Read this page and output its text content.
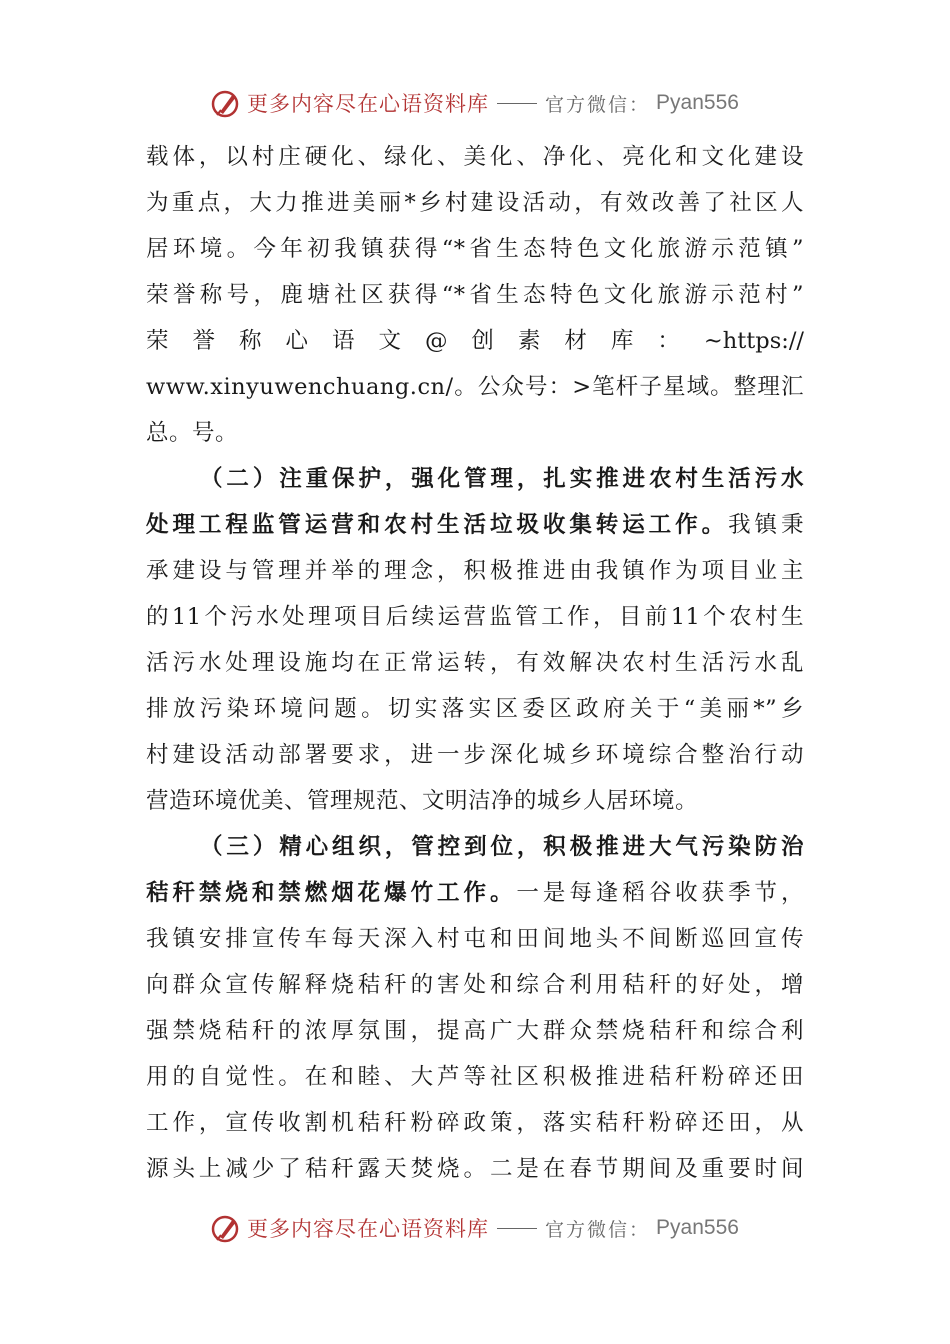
更多内容尽在心语资料库	官方微信： Pyan556
载体，以村庄硬化、绿化、美化、净化、亮化和文化建设
为重点，大力推进美丽*乡村建设活动，有效改善了社区人
居环境。今年初我镇获得“*省生态特色文化旅游示范镇”
荣誉称号，鹿塘社区获得“*省生态特色文化旅游示范村”
荣誉称心语文@创素材库：~https://
www.xinyuwenchuang.cn/。公众号：>笔杆子星域。整理汇
总。号。
（二）注重保护，强化管理，扎实推进农村生活污水
处理工程监管运营和农村生活垃圾收集转运工作。我镇秉
承建设与管理并举的理念，积极推进由我镇作为项目业主
的11个污水处理项目后续运营监管工作，目前11个农村生
活污水处理设施均在正常运转，有效解决农村生活污水乱
排放污染环境问题。切实落实区委区政府关于“美丽*”乡
村建设活动部署要求，进一步深化城乡环境综合整治行动
营造环境优美、管理规范、文明洁净的城乡人居环境。
（三）精心组织，管控到位，积极推进大气污染防治
秸秆禁烧和禁燃烟花爆竹工作。一是每逢稻谷收获季节，
我镇安排宣传车每天深入村屯和田间地头不间断巡回宣传
向群众宣传解释烧秸秆的害处和综合利用秸秆的好处，增
强禁烧秸秆的浓厚氛围，提高广大群众禁烧秸秆和综合利
用的自觉性。在和睦、大芦等社区积极推进秸秆粉碎还田
工作，宣传收割机秸秆粉碎政策，落实秸秆粉碎还田，从
源头上减少了秸秆露天焚烧。二是在春节期间及重要时间
更多内容尽在心语资料库	官方微信： Pyan556
